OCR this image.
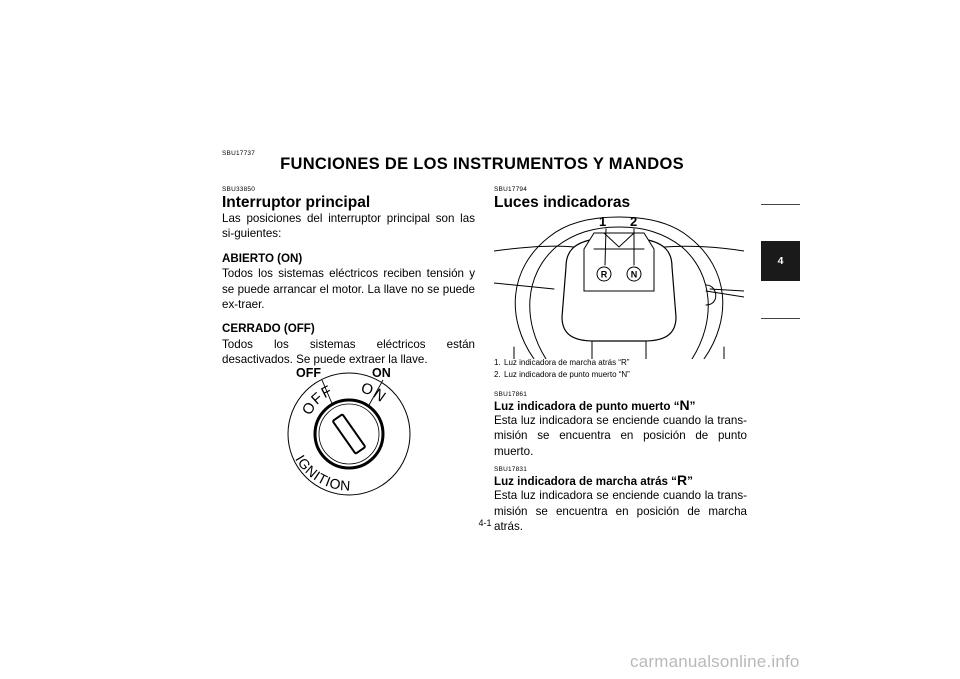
SBU17737
FUNCIONES DE LOS INSTRUMENTOS Y MANDOS
SBU33850
Interruptor principal
Las posiciones del interruptor principal son las si-guientes:
ABIERTO (ON)
Todos los sistemas eléctricos reciben tensión y se puede arrancar el motor. La llave no se puede ex-traer.
CERRADO (OFF)
Todos los sistemas eléctricos están desactivados. Se puede extraer la llave.
OFF	ON
OFF ON
IGNITION
SBU17794
Luces indicadoras
1. Luz indicadora de marcha atrás “R”
2. Luz indicadora de punto muerto “N”
SBU17861
Luz indicadora de punto muerto “N”
Esta luz indicadora se enciende cuando la trans-misión se encuentra en posición de punto muerto.
SBU17831
Luz indicadora de marcha atrás “R”
Esta luz indicadora se enciende cuando la trans-misión se encuentra en posición de marcha atrás.
1 2
R	N
4-1
4
carmanualsonline.info
